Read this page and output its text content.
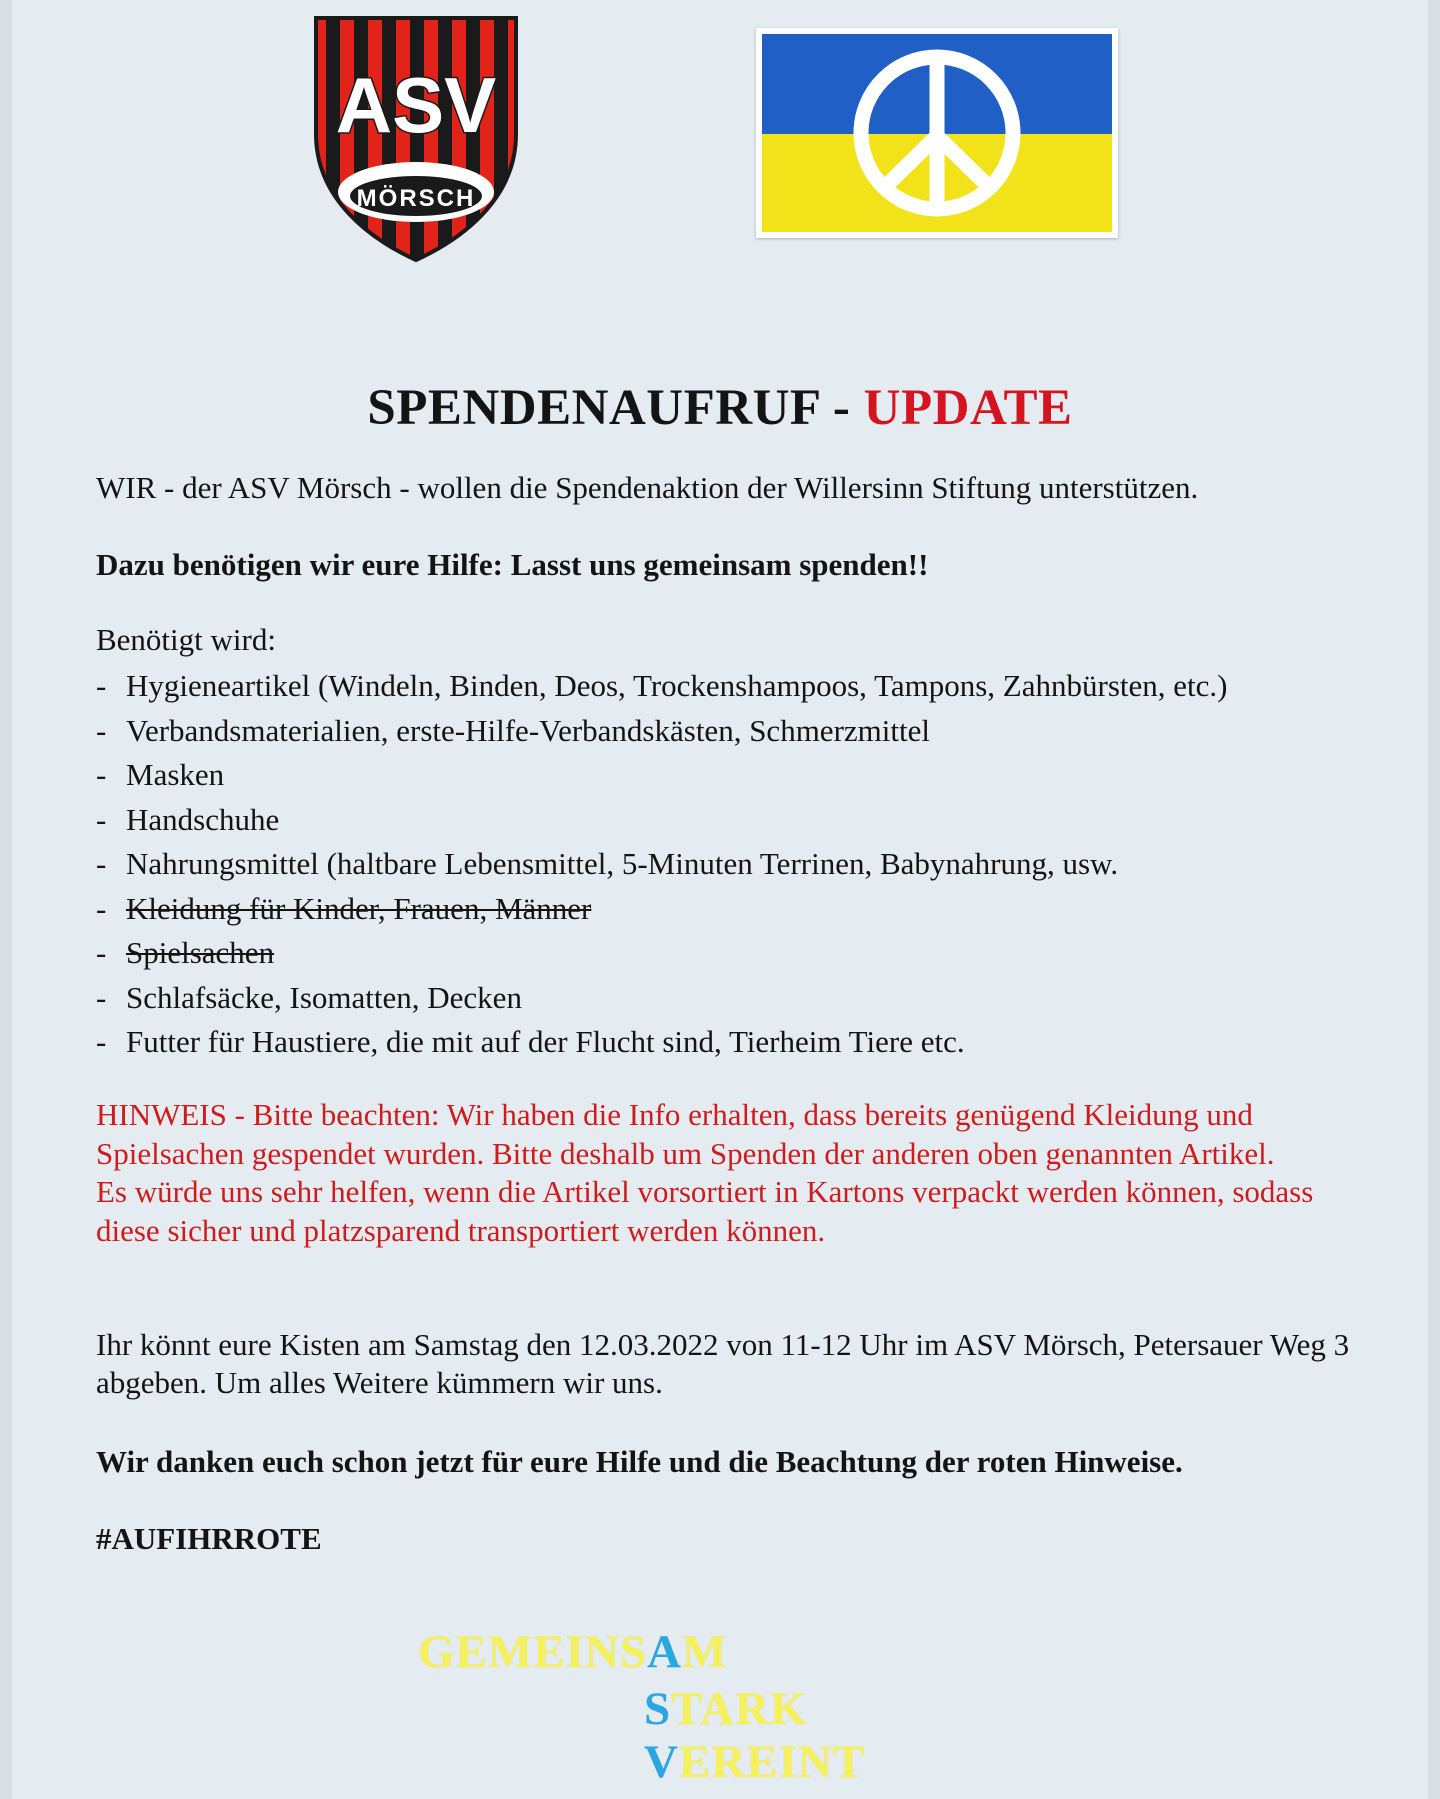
ASV
MÖRSCH
SPENDENAUFRUF - UPDATE
WIR - der ASV Mörsch - wollen die Spendenaktion der Willersinn Stiftung unterstützen.
Dazu benötigen wir eure Hilfe: Lasst uns gemeinsam spenden!!
Benötigt wird:
- Hygieneartikel (Windeln, Binden, Deos, Trockenshampoos, Tampons, Zahnbürsten, etc.)
- Verbandsmaterialien, erste-Hilfe-Verbandskästen, Schmerzmittel
- Masken
- Handschuhe
- Nahrungsmittel (haltbare Lebensmittel, 5-Minuten Terrinen, Babynahrung, usw.
- Kleidung für Kinder, Frauen, Männer
- Spielsachen
- Schlafsäcke, Isomatten, Decken
- Futter für Haustiere, die mit auf der Flucht sind, Tierheim Tiere etc.

HINWEIS - Bitte beachten: Wir haben die Info erhalten, dass bereits genügend Kleidung und Spielsachen gespendet wurden. Bitte deshalb um Spenden der anderen oben genannten Artikel.

Es würde uns sehr helfen, wenn die Artikel vorsortiert in Kartons verpackt werden können, sodass diese sicher und platzsparend transportiert werden können.

Ihr könnt eure Kisten am Samstag den 12.03.2022 von 11-12 Uhr im ASV Mörsch, Petersauer Weg 3 abgeben. Um alles Weitere kümmern wir uns.
Wir danken euch schon jetzt für eure Hilfe und die Beachtung der roten Hinweise.
#AUFIHRROTE
GEMEINSAM
STARK
VEREINT
